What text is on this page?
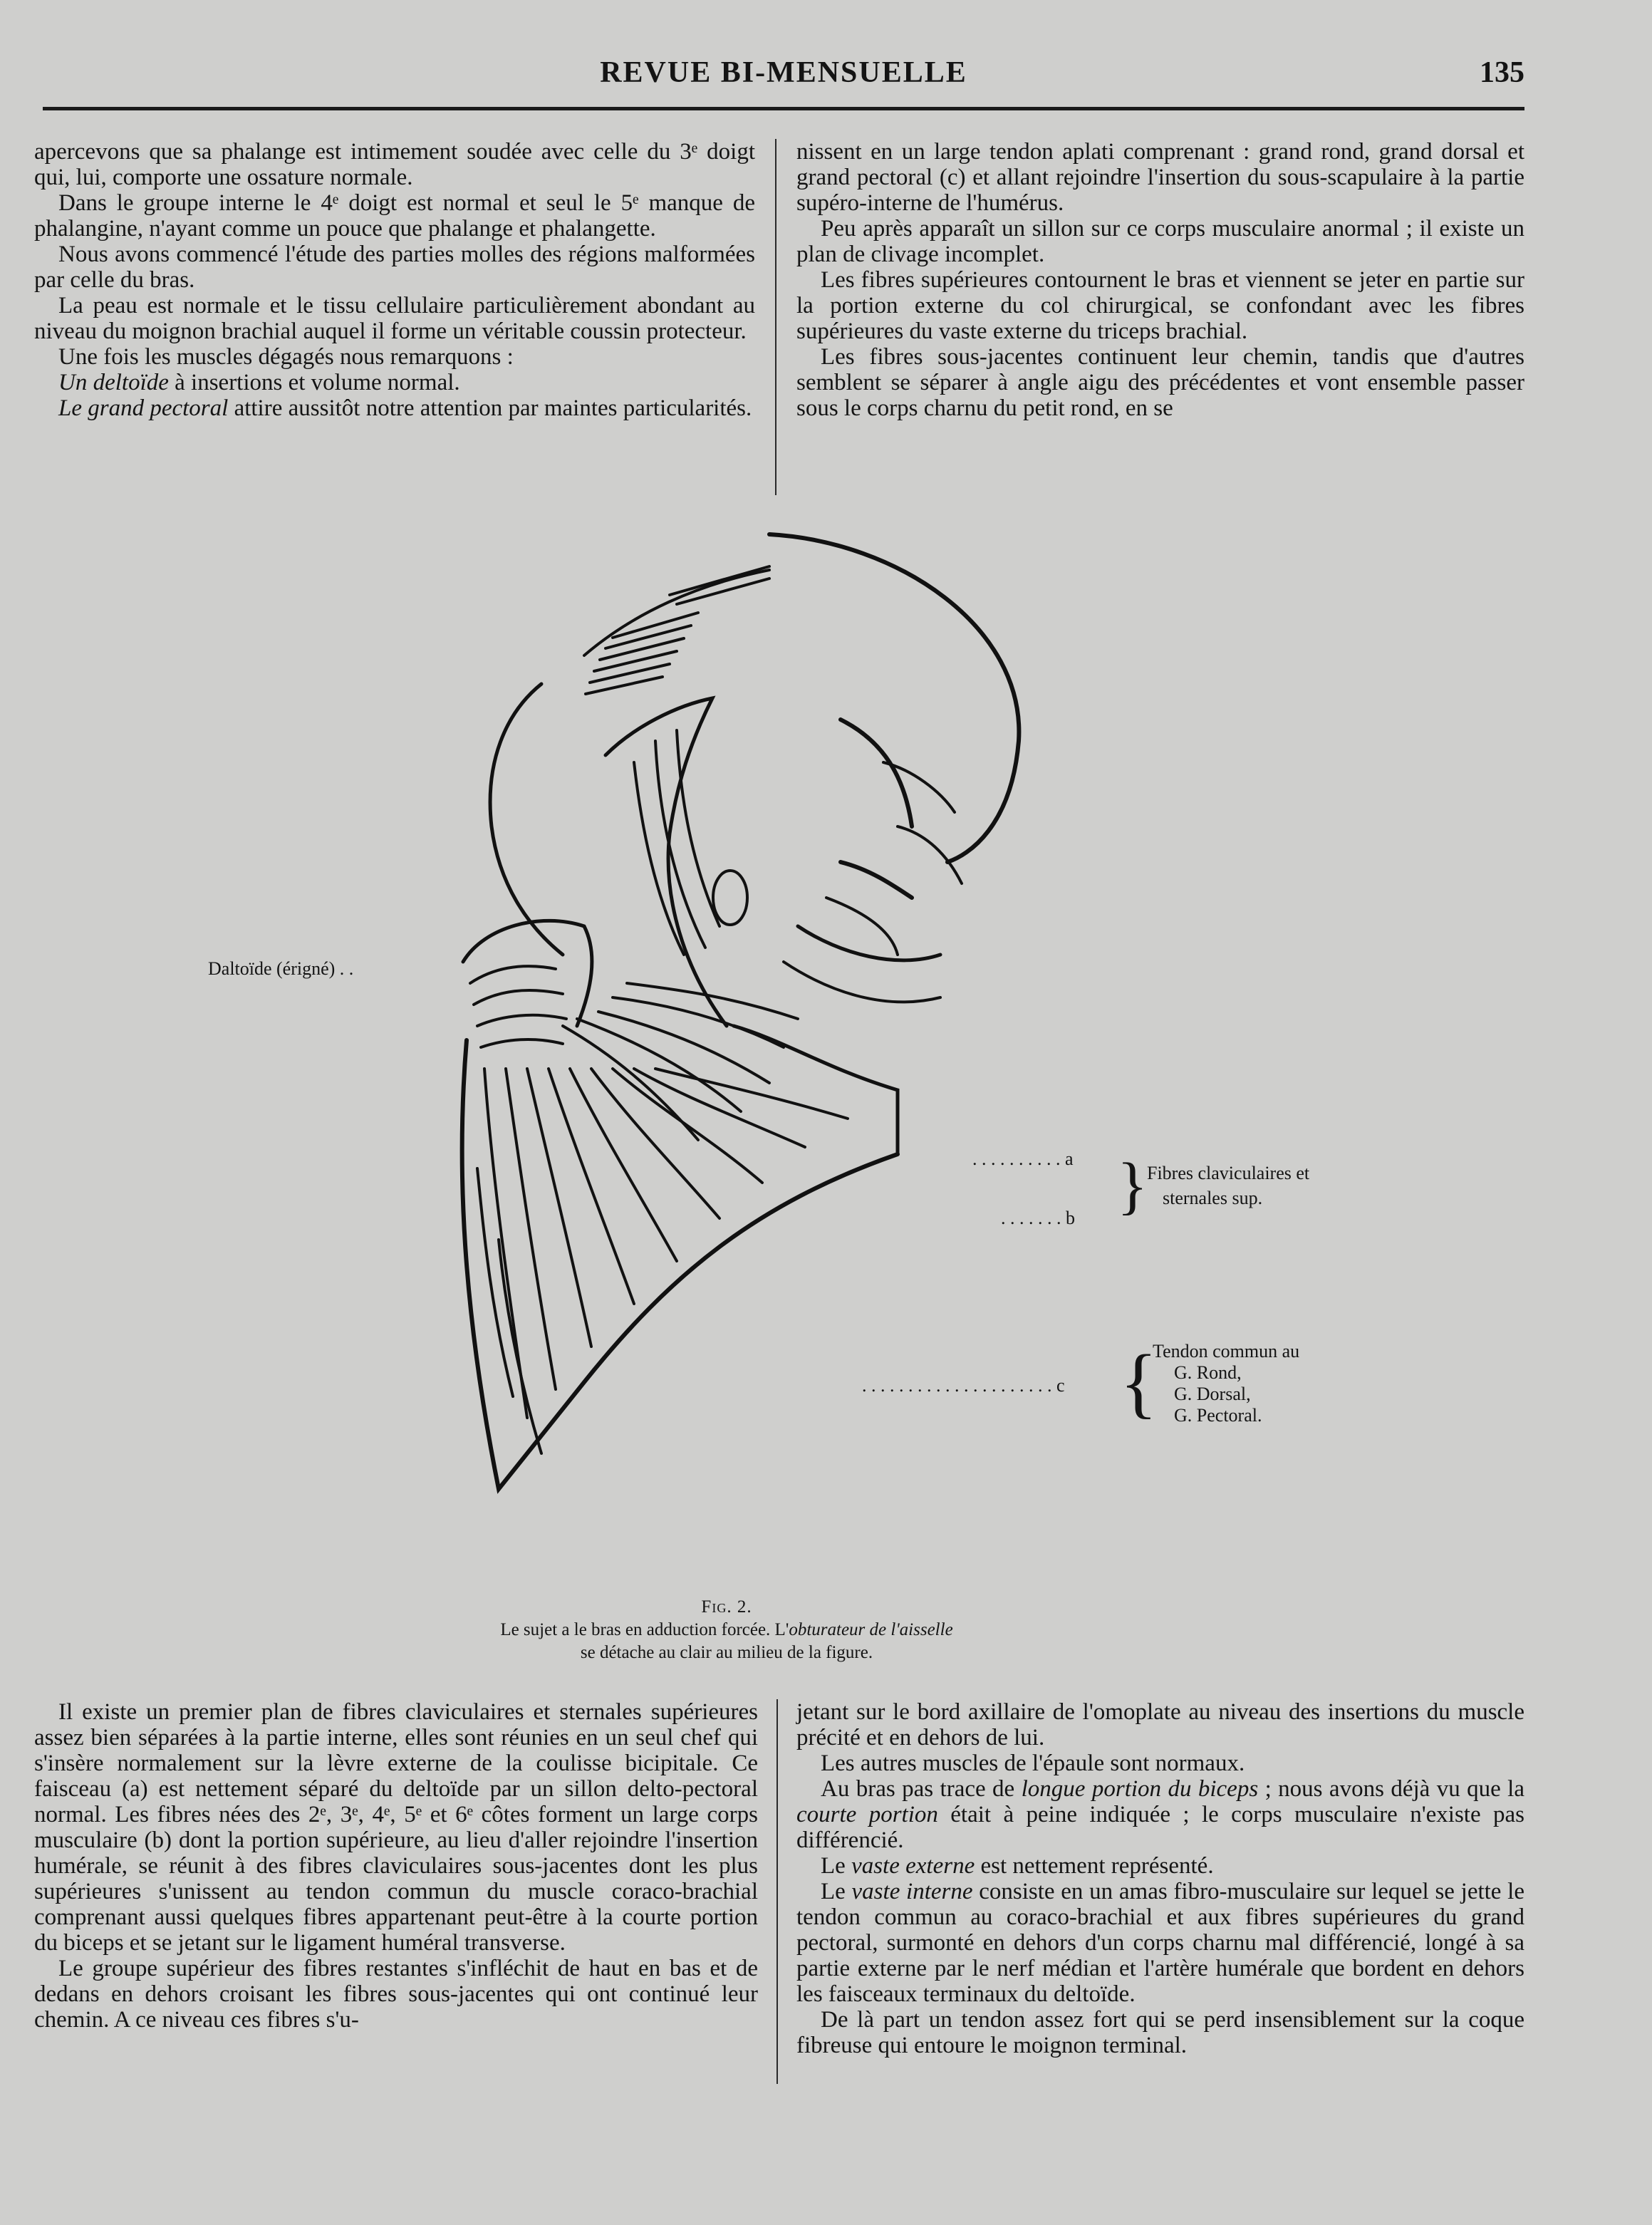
REVUE BI-MENSUELLE	135

apercevons que sa phalange est intimement soudée avec celle du 3ᵉ doigt qui, lui, comporte une ossature normale.

Dans le groupe interne le 4ᵉ doigt est normal et seul le 5ᵉ manque de phalangine, n'ayant comme un pouce que phalange et phalangette.

Nous avons commencé l'étude des parties molles des régions malformées par celle du bras.

La peau est normale et le tissu cellulaire particulièrement abondant au niveau du moignon brachial auquel il forme un véritable coussin protecteur.

Une fois les muscles dégagés nous remarquons :

Un deltoïde à insertions et volume normal.

Le grand pectoral attire aussitôt notre attention par maintes particularités.

nissent en un large tendon aplati comprenant : grand rond, grand dorsal et grand pectoral (c) et allant rejoindre l'insertion du sous-scapulaire à la partie supéro-interne de l'humérus.

Peu après apparaît un sillon sur ce corps musculaire anormal ; il existe un plan de clivage incomplet.

Les fibres supérieures contournent le bras et viennent se jeter en partie sur la portion externe du col chirurgical, se confondant avec les fibres supérieures du vaste externe du triceps brachial.

Les fibres sous-jacentes continuent leur chemin, tandis que d'autres semblent se séparer à angle aigu des précédentes et vont ensemble passer sous le corps charnu du petit rond, en se

Daltoïde (érigné) . .
. . . . . . . . . . a
. . . . . . . b }
Fibres claviculaires et
sternales sup.
. . . . . . . . . . . . . . . . . . . . . c {
Tendon commun au
G. Rond,
G. Dorsal,
G. Pectoral.
Fig. 2.
Le sujet a le bras en adduction forcée. L'obturateur de l'aisselle
se détache au clair au milieu de la figure.

Il existe un premier plan de fibres claviculaires et sternales supérieures assez bien séparées à la partie interne, elles sont réunies en un seul chef qui s'insère normalement sur la lèvre externe de la coulisse bicipitale. Ce faisceau (a) est nettement séparé du deltoïde par un sillon delto-pectoral normal. Les fibres nées des 2ᵉ, 3ᵉ, 4ᵉ, 5ᵉ et 6ᵉ côtes forment un large corps musculaire (b) dont la portion supérieure, au lieu d'aller rejoindre l'insertion humérale, se réunit à des fibres claviculaires sous-jacentes dont les plus supérieures s'unissent au tendon commun du muscle coraco-brachial comprenant aussi quelques fibres appartenant peut-être à la courte portion du biceps et se jetant sur le ligament huméral transverse.

Le groupe supérieur des fibres restantes s'infléchit de haut en bas et de dedans en dehors croisant les fibres sous-jacentes qui ont continué leur chemin. A ce niveau ces fibres s'u-

jetant sur le bord axillaire de l'omoplate au niveau des insertions du muscle précité et en dehors de lui.

Les autres muscles de l'épaule sont normaux.

Au bras pas trace de longue portion du biceps ; nous avons déjà vu que la courte portion était à peine indiquée ; le corps musculaire n'existe pas différencié.

Le vaste externe est nettement représenté.

Le vaste interne consiste en un amas fibro-musculaire sur lequel se jette le tendon commun au coraco-brachial et aux fibres supérieures du grand pectoral, surmonté en dehors d'un corps charnu mal différencié, longé à sa partie externe par le nerf médian et l'artère humérale que bordent en dehors les faisceaux terminaux du deltoïde.

De là part un tendon assez fort qui se perd insensiblement sur la coque fibreuse qui entoure le moignon terminal.
